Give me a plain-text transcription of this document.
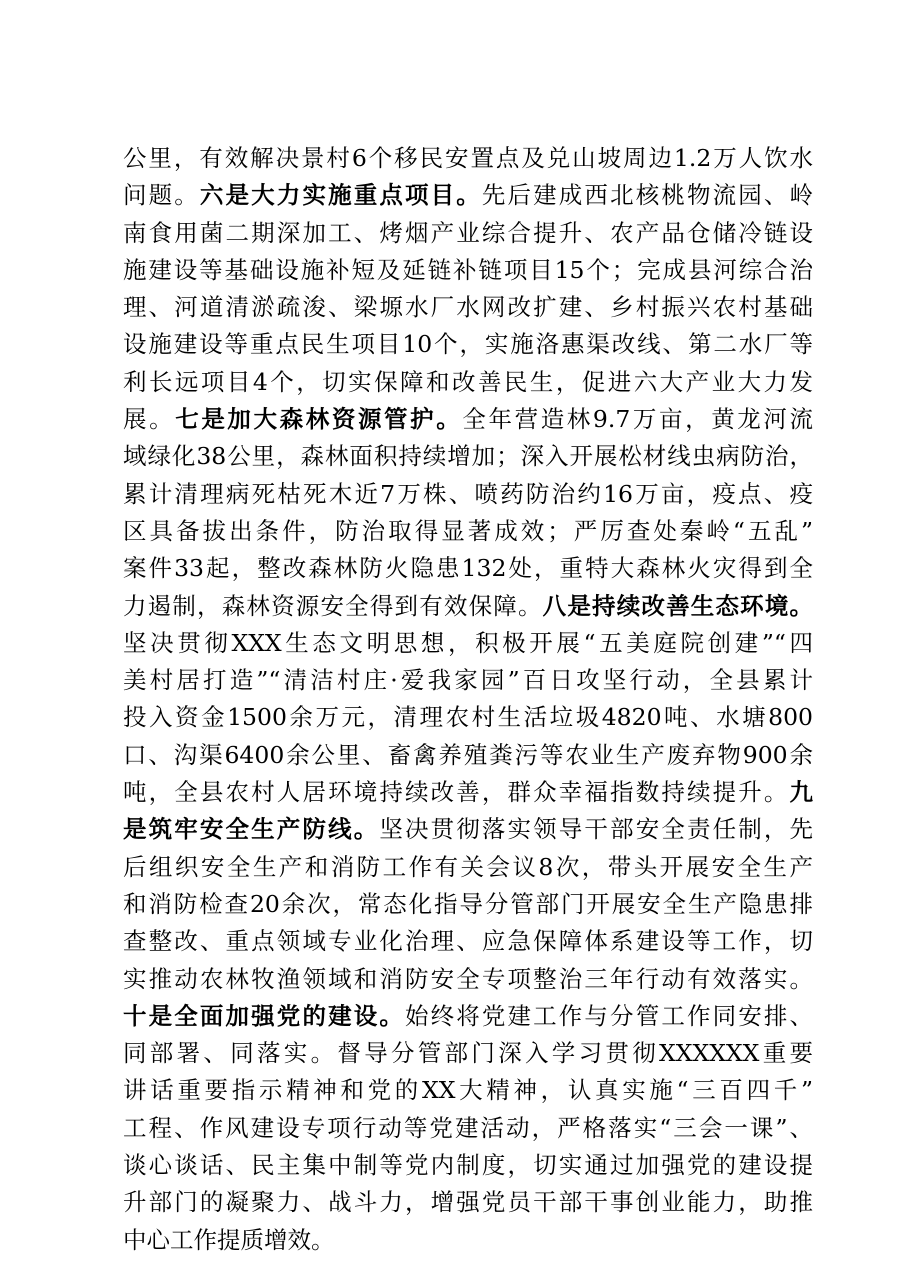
公里，有效解决景村6个移民安置点及兑山坡周边1.2万人饮水
问题。六是大力实施重点项目。先后建成西北核桃物流园、岭
南食用菌二期深加工、烤烟产业综合提升、农产品仓储冷链设
施建设等基础设施补短及延链补链项目15个；完成县河综合治
理、河道清淤疏浚、梁塬水厂水网改扩建、乡村振兴农村基础
设施建设等重点民生项目10个，实施洛惠渠改线、第二水厂等
利长远项目4个，切实保障和改善民生，促进六大产业大力发
展。七是加大森林资源管护。全年营造林9.7万亩，黄龙河流
域绿化38公里，森林面积持续增加；深入开展松材线虫病防治，
累计清理病死枯死木近7万株、喷药防治约16万亩，疫点、疫
区具备拔出条件，防治取得显著成效；严厉查处秦岭“五乱”
案件33起，整改森林防火隐患132处，重特大森林火灾得到全
力遏制，森林资源安全得到有效保障。八是持续改善生态环境。
坚决贯彻XXX生态文明思想，积极开展“五美庭院创建”“四
美村居打造”“清洁村庄·爱我家园”百日攻坚行动，全县累计
投入资金1500余万元，清理农村生活垃圾4820吨、水塘800
口、沟渠6400余公里、畜禽养殖粪污等农业生产废弃物900余
吨，全县农村人居环境持续改善，群众幸福指数持续提升。九
是筑牢安全生产防线。坚决贯彻落实领导干部安全责任制，先
后组织安全生产和消防工作有关会议8次，带头开展安全生产
和消防检查20余次，常态化指导分管部门开展安全生产隐患排
查整改、重点领域专业化治理、应急保障体系建设等工作，切
实推动农林牧渔领域和消防安全专项整治三年行动有效落实。
十是全面加强党的建设。始终将党建工作与分管工作同安排、
同部署、同落实。督导分管部门深入学习贯彻XXXXXX重要
讲话重要指示精神和党的XX大精神，认真实施“三百四千”
工程、作风建设专项行动等党建活动，严格落实“三会一课”、
谈心谈话、民主集中制等党内制度，切实通过加强党的建设提
升部门的凝聚力、战斗力，增强党员干部干事创业能力，助推
中心工作提质增效。
